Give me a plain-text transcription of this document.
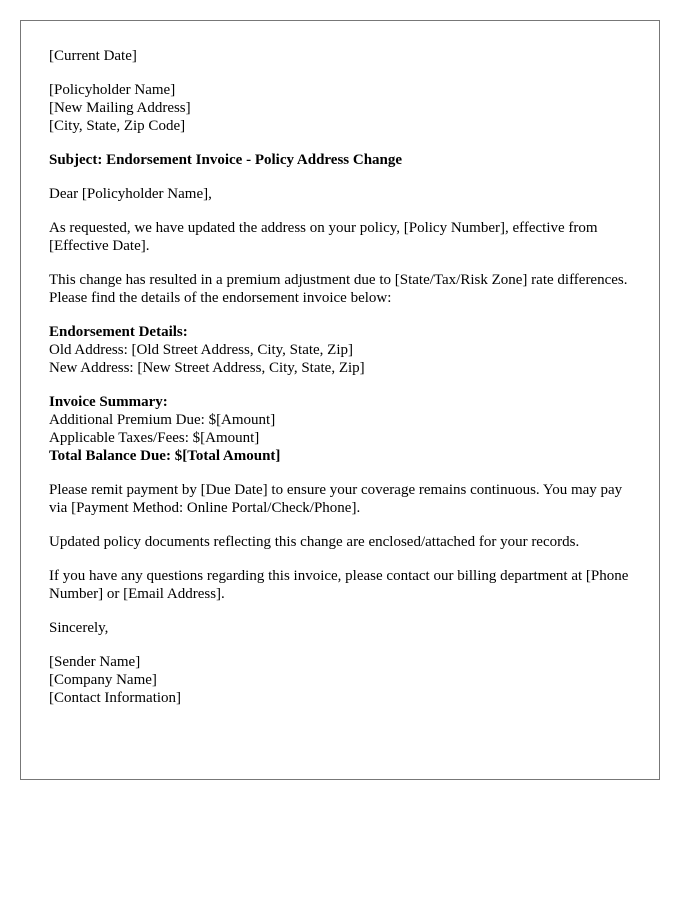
[Current Date]

[Policyholder Name]
[New Mailing Address]
[City, State, Zip Code]

Subject: Endorsement Invoice - Policy Address Change

Dear [Policyholder Name],

As requested, we have updated the address on your policy, [Policy Number], effective from [Effective Date].

This change has resulted in a premium adjustment due to [State/Tax/Risk Zone] rate differences. Please find the details of the endorsement invoice below:

Endorsement Details:
Old Address: [Old Street Address, City, State, Zip]
New Address: [New Street Address, City, State, Zip]

Invoice Summary:
Additional Premium Due: $[Amount]
Applicable Taxes/Fees: $[Amount]
Total Balance Due: $[Total Amount]

Please remit payment by [Due Date] to ensure your coverage remains continuous. You may pay via [Payment Method: Online Portal/Check/Phone].

Updated policy documents reflecting this change are enclosed/attached for your records.

If you have any questions regarding this invoice, please contact our billing department at [Phone Number] or [Email Address].

Sincerely,

[Sender Name]
[Company Name]
[Contact Information]
